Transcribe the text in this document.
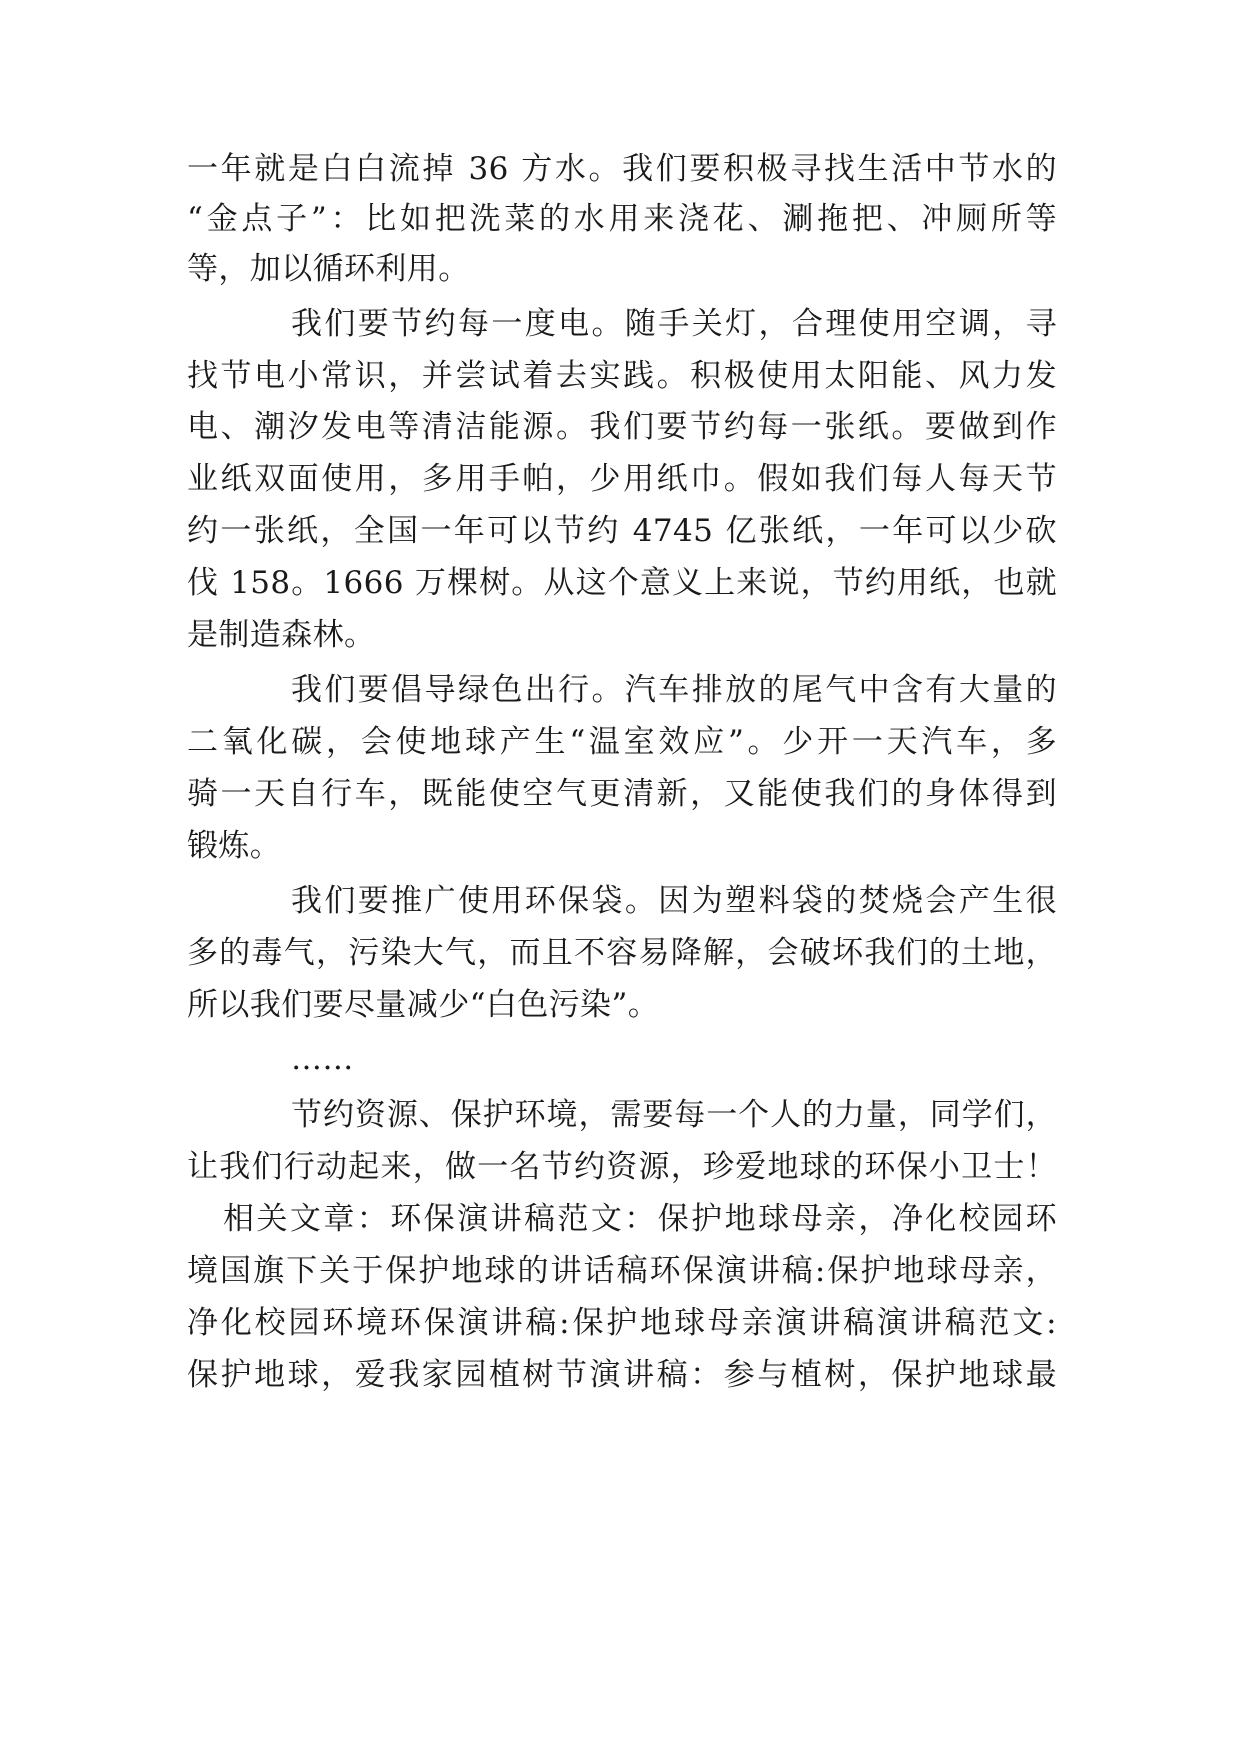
一年就是白白流掉 36 方水。我们要积极寻找生活中节水的

“金点子”：比如把洗菜的水用来浇花、涮拖把、冲厕所等

等，加以循环利用。

我们要节约每一度电。随手关灯，合理使用空调，寻

找节电小常识，并尝试着去实践。积极使用太阳能、风力发

电、潮汐发电等清洁能源。我们要节约每一张纸。要做到作

业纸双面使用，多用手帕，少用纸巾。假如我们每人每天节

约一张纸，全国一年可以节约 4745 亿张纸，一年可以少砍

伐 158。1666 万棵树。从这个意义上来说，节约用纸，也就

是制造森林。

我们要倡导绿色出行。汽车排放的尾气中含有大量的

二氧化碳，会使地球产生“温室效应”。少开一天汽车，多

骑一天自行车，既能使空气更清新，又能使我们的身体得到

锻炼。

我们要推广使用环保袋。因为塑料袋的焚烧会产生很

多的毒气，污染大气，而且不容易降解，会破坏我们的土地，

所以我们要尽量减少“白色污染”。

……

节约资源、保护环境，需要每一个人的力量，同学们，

让我们行动起来，做一名节约资源，珍爱地球的环保小卫士！

相关文章：环保演讲稿范文：保护地球母亲，净化校园环

境国旗下关于保护地球的讲话稿环保演讲稿:保护地球母亲，

净化校园环境环保演讲稿:保护地球母亲演讲稿演讲稿范文:

保护地球，爱我家园植树节演讲稿：参与植树，保护地球最
